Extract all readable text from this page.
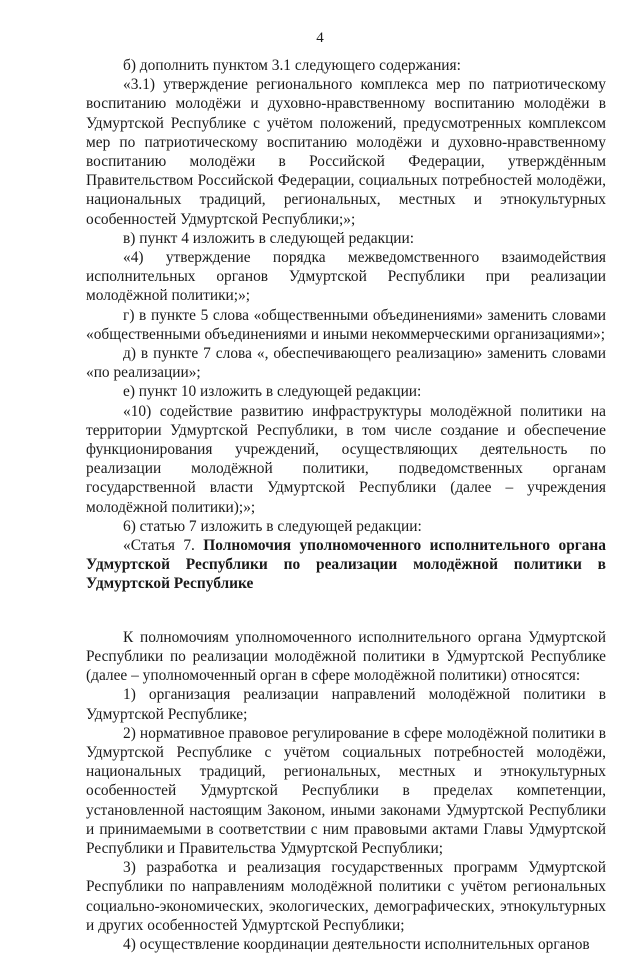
4

б) дополнить пунктом 3.1 следующего содержания:

«3.1) утверждение регионального комплекса мер по патриотическому воспитанию молодёжи и духовно-нравственному воспитанию молодёжи в Удмуртской Республике с учётом положений, предусмотренных комплексом мер по патриотическому воспитанию молодёжи и духовно-нравственному воспитанию молодёжи в Российской Федерации, утверждённым Правительством Российской Федерации, социальных потребностей молодёжи, национальных традиций, региональных, местных и этнокультурных особенностей Удмуртской Республики;»;

в) пункт 4 изложить в следующей редакции:

«4) утверждение порядка межведомственного взаимодействия исполнительных органов Удмуртской Республики при реализации молодёжной политики;»;

г) в пункте 5 слова «общественными объединениями» заменить словами «общественными объединениями и иными некоммерческими организациями»;

д) в пункте 7 слова «, обеспечивающего реализацию» заменить словами «по реализации»;

е) пункт 10 изложить в следующей редакции:

«10) содействие развитию инфраструктуры молодёжной политики на территории Удмуртской Республики, в том числе создание и обеспечение функционирования учреждений, осуществляющих деятельность по реализации молодёжной политики, подведомственных органам государственной власти Удмуртской Республики (далее – учреждения молодёжной политики);»;

6) статью 7 изложить в следующей редакции:

«Статья 7. Полномочия уполномоченного исполнительного органа Удмуртской Республики по реализации молодёжной политики в Удмуртской Республике

К полномочиям уполномоченного исполнительного органа Удмуртской Республики по реализации молодёжной политики в Удмуртской Республике (далее – уполномоченный орган в сфере молодёжной политики) относятся:

1) организация реализации направлений молодёжной политики в Удмуртской Республике;

2) нормативное правовое регулирование в сфере молодёжной политики в Удмуртской Республике с учётом социальных потребностей молодёжи, национальных традиций, региональных, местных и этнокультурных особенностей Удмуртской Республики в пределах компетенции, установленной настоящим Законом, иными законами Удмуртской Республики и принимаемыми в соответствии с ним правовыми актами Главы Удмуртской Республики и Правительства Удмуртской Республики;

3) разработка и реализация государственных программ Удмуртской Республики по направлениям молодёжной политики с учётом региональных социально-экономических, экологических, демографических, этнокультурных и других особенностей Удмуртской Республики;

4) осуществление координации деятельности исполнительных органов
